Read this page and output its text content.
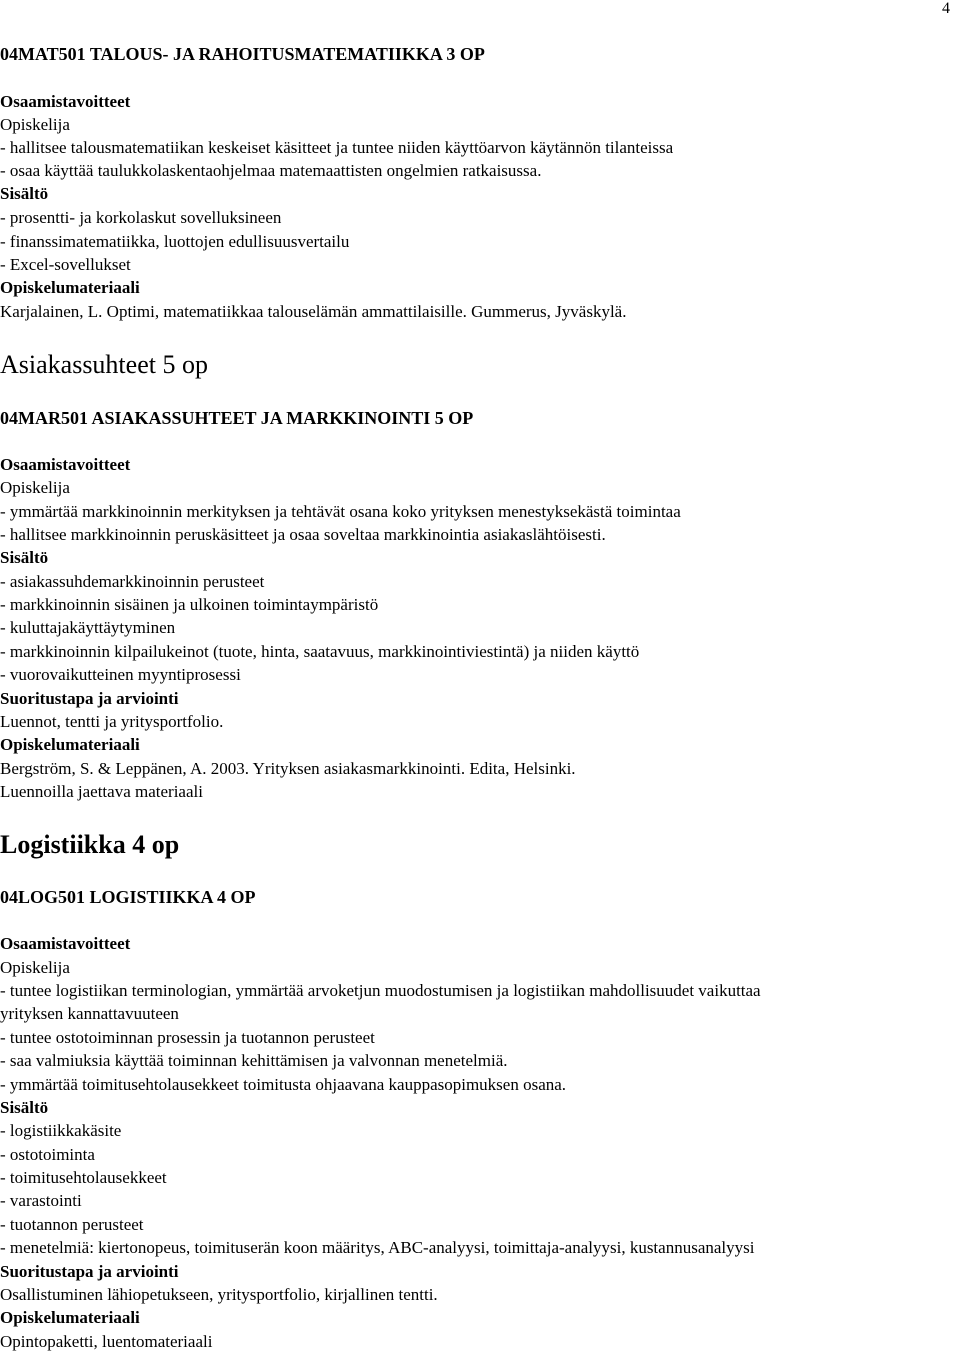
4
04MAT501 TALOUS- JA RAHOITUSMATEMATIIKKA 3 OP
Osaamistavoitteet
Opiskelija
- hallitsee talousmatematiikan keskeiset käsitteet ja tuntee niiden käyttöarvon käytännön tilanteissa
- osaa käyttää taulukkolaskentaohjelmaa matemaattisten ongelmien ratkaisussa.
Sisältö
- prosentti- ja korkolaskut sovelluksineen
- finanssimatematiikka, luottojen edullisuusvertailu
- Excel-sovellukset
Opiskelumateriaali
Karjalainen, L. Optimi, matematiikkaa talouselämän ammattilaisille. Gummerus, Jyväskylä.
Asiakassuhteet 5 op
04MAR501 ASIAKASSUHTEET JA MARKKINOINTI 5 OP
Osaamistavoitteet
Opiskelija
- ymmärtää markkinoinnin merkityksen ja tehtävät osana koko yrityksen menestyksekästä toimintaa
- hallitsee markkinoinnin peruskäsitteet ja osaa soveltaa markkinointia asiakaslähtöisesti.
Sisältö
- asiakassuhdemarkkinoinnin perusteet
- markkinoinnin sisäinen ja ulkoinen toimintaympäristö
- kuluttajakäyttäytyminen
- markkinoinnin kilpailukeinot (tuote, hinta, saatavuus, markkinointiviestintä) ja niiden käyttö
- vuorovaikutteinen myyntiprosessi
Suoritustapa ja arviointi
Luennot, tentti ja yritysportfolio.
Opiskelumateriaali
Bergström, S. & Leppänen, A. 2003. Yrityksen asiakasmarkkinointi. Edita, Helsinki.
Luennoilla jaettava materiaali
Logistiikka 4 op
04LOG501 LOGISTIIKKA 4 OP
Osaamistavoitteet
Opiskelija
- tuntee logistiikan terminologian, ymmärtää arvoketjun muodostumisen ja logistiikan mahdollisuudet vaikuttaa
yrityksen kannattavuuteen
- tuntee ostotoiminnan prosessin ja tuotannon perusteet
- saa valmiuksia käyttää toiminnan kehittämisen ja valvonnan menetelmiä.
- ymmärtää toimitusehtolausekkeet toimitusta ohjaavana kauppasopimuksen osana.
Sisältö
- logistiikkakäsite
- ostotoiminta
- toimitusehtolausekkeet
- varastointi
- tuotannon perusteet
- menetelmiä: kiertonopeus, toimituserän koon määritys, ABC-analyysi, toimittaja-analyysi, kustannusanalyysi
Suoritustapa ja arviointi
Osallistuminen lähiopetukseen, yritysportfolio, kirjallinen tentti.
Opiskelumateriaali
Opintopaketti, luentomateriaali
